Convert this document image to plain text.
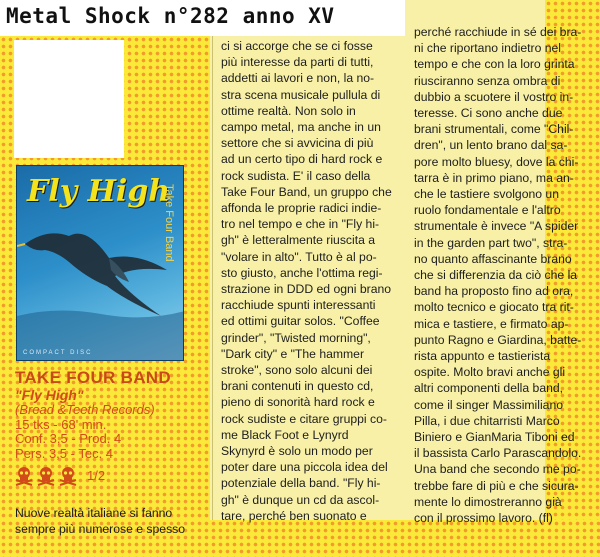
Metal Shock n°282 anno XV
Fly High
Take Four Band
COMPACT DISC
TAKE FOUR BAND
"Fly High"
(Bread &Teeth Records)
15 tks - 68' min.
Conf. 3,5 - Prod. 4
Pers. 3,5 - Tec. 4
1/2
Nuove realtà italiane si fanno
sempre più numerose e spesso
ci si accorge che se ci fosse
più interesse da parti di tutti,
addetti ai lavori e non, la no-
stra scena musicale pullula di
ottime realtà. Non solo in
campo metal, ma anche in un
settore che si avvicina di più
ad un certo tipo di hard rock e
rock sudista. E' il caso della
Take Four Band, un gruppo che
affonda le proprie radici indie-
tro nel tempo e che in "Fly hi-
gh" è letteralmente riuscita a
"volare in alto". Tutto è al po-
sto giusto, anche l'ottima regi-
strazione in DDD ed ogni brano
racchiude spunti interessanti
ed ottimi guitar solos. "Coffee
grinder", "Twisted morning",
"Dark city" e "The hammer
stroke", sono solo alcuni dei
brani contenuti in questo cd,
pieno di sonorità hard rock e
rock sudiste e citare gruppi co-
me Black Foot e Lynyrd
Skynyrd è solo un modo per
poter dare una piccola idea del
potenziale della band. "Fly hi-
gh" è dunque un cd da ascol-
tare, perché ben suonato e
perché racchiude in sé dei bra-
ni che riportano indietro nel
tempo e che con la loro grinta
riusciranno senza ombra di
dubbio a scuotere il vostro in-
teresse. Ci sono anche due
brani strumentali, come "Chil-
dren", un lento brano dal sa-
pore molto bluesy, dove la chi-
tarra è in primo piano, ma an-
che le tastiere svolgono un
ruolo fondamentale e l'altro
strumentale è invece "A spider
in the garden part two", stra-
no quanto affascinante brano
che si differenzia da ciò che la
band ha proposto fino ad ora,
molto tecnico e giocato tra rit-
mica e tastiere, e firmato ap-
punto Ragno e Giardina, batte-
rista appunto e tastierista
ospite. Molto bravi anche gli
altri componenti della band,
come il singer Massimiliano
Pilla, i due chitarristi Marco
Biniero e GianMaria Tiboni ed
il bassista Carlo Parascandolo.
Una band che secondo me po-
trebbe fare di più e che sicura-
mente lo dimostreranno già
con il prossimo lavoro. (fl)
